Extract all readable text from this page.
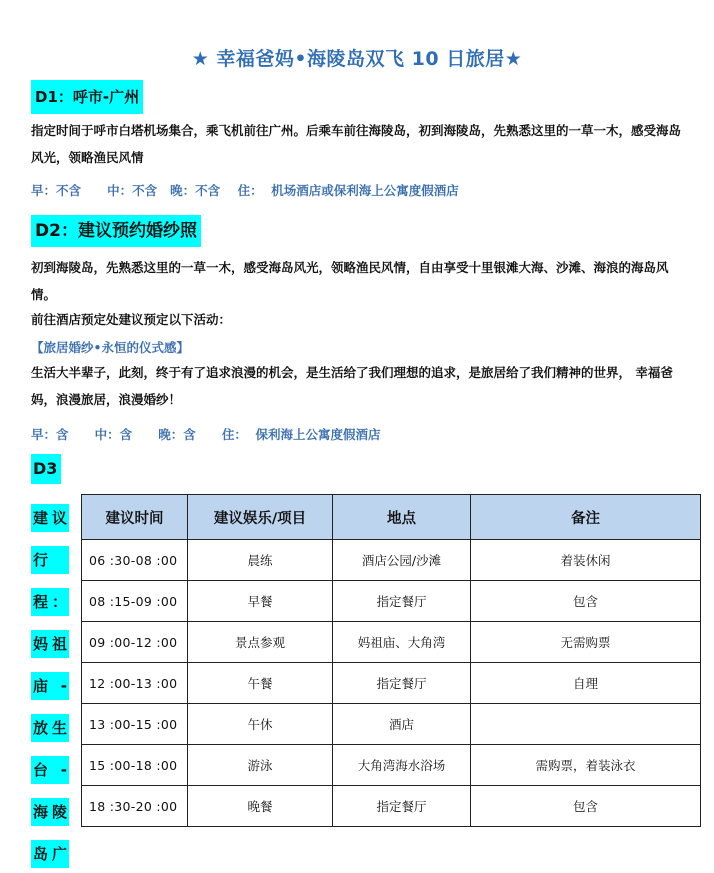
★ 幸福爸妈•海陵岛双飞 10 日旅居★
D1：呼市-广州
指定时间于呼市白塔机场集合，乘飞机前往广州。后乘车前往海陵岛，初到海陵岛，先熟悉这里的一草一木，感受海岛风光，领略渔民风情
早：不含      中：不含   晚：不含    住：  机场酒店或保利海上公寓度假酒店
D2：建议预约婚纱照
初到海陵岛，先熟悉这里的一草一木，感受海岛风光，领略渔民风情，自由享受十里银滩大海、沙滩、海浪的海岛风情。
前往酒店预定处建议预定以下活动：
【旅居婚纱•永恒的仪式感】
生活大半辈子，此刻，终于有了追求浪漫的机会，是生活给了我们理想的追求，是旅居给了我们精神的世界， 幸福爸妈，浪漫旅居，浪漫婚纱！
早：含      中：含      晚：含      住：  保利海上公寓度假酒店
D3
建 议
行
程 ：
妈 祖
庙 -
放 生
台 -
海 陵
岛 广
建议时间	建议娱乐/项目	地点	备注
06 :30-08 :00	晨练	酒店公园/沙滩	着装休闲
08 :15-09 :00	早餐	指定餐厅	包含
09 :00-12 :00	景点参观	妈祖庙、大角湾	无需购票
12 :00-13 :00	午餐	指定餐厅	自理
13 :00-15 :00	午休	酒店	
15 :00-18 :00	游泳	大角湾海水浴场	需购票，着装泳衣
18 :30-20 :00	晚餐	指定餐厅	包含
